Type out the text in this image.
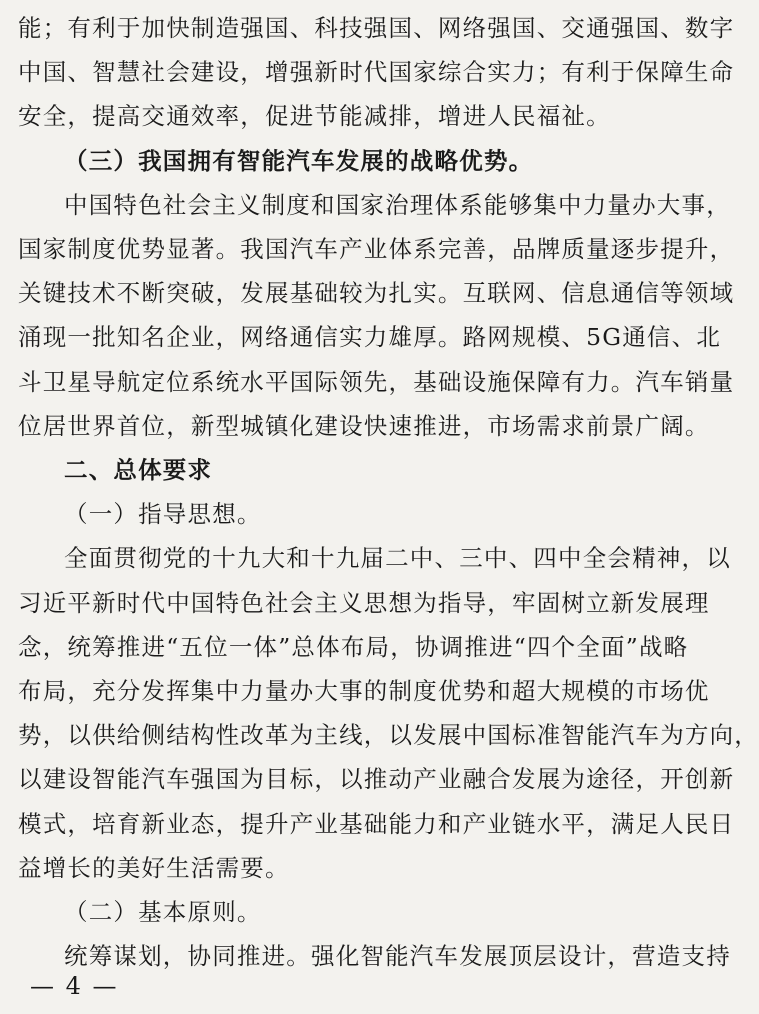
能；有利于加快制造强国、科技强国、网络强国、交通强国、数字
中国、智慧社会建设，增强新时代国家综合实力；有利于保障生命
安全，提高交通效率，促进节能减排，增进人民福祉。
（三）我国拥有智能汽车发展的战略优势。
中国特色社会主义制度和国家治理体系能够集中力量办大事，
国家制度优势显著。我国汽车产业体系完善，品牌质量逐步提升，
关键技术不断突破，发展基础较为扎实。互联网、信息通信等领域
涌现一批知名企业，网络通信实力雄厚。路网规模、5G通信、北
斗卫星导航定位系统水平国际领先，基础设施保障有力。汽车销量
位居世界首位，新型城镇化建设快速推进，市场需求前景广阔。
二、总体要求
（一）指导思想。
全面贯彻党的十九大和十九届二中、三中、四中全会精神，以
习近平新时代中国特色社会主义思想为指导，牢固树立新发展理
念，统筹推进“五位一体”总体布局，协调推进“四个全面”战略
布局，充分发挥集中力量办大事的制度优势和超大规模的市场优
势，以供给侧结构性改革为主线，以发展中国标准智能汽车为方向，
以建设智能汽车强国为目标，以推动产业融合发展为途径，开创新
模式，培育新业态，提升产业基础能力和产业链水平，满足人民日
益增长的美好生活需要。
（二）基本原则。
统筹谋划，协同推进。强化智能汽车发展顶层设计，营造支持
— 4 —
